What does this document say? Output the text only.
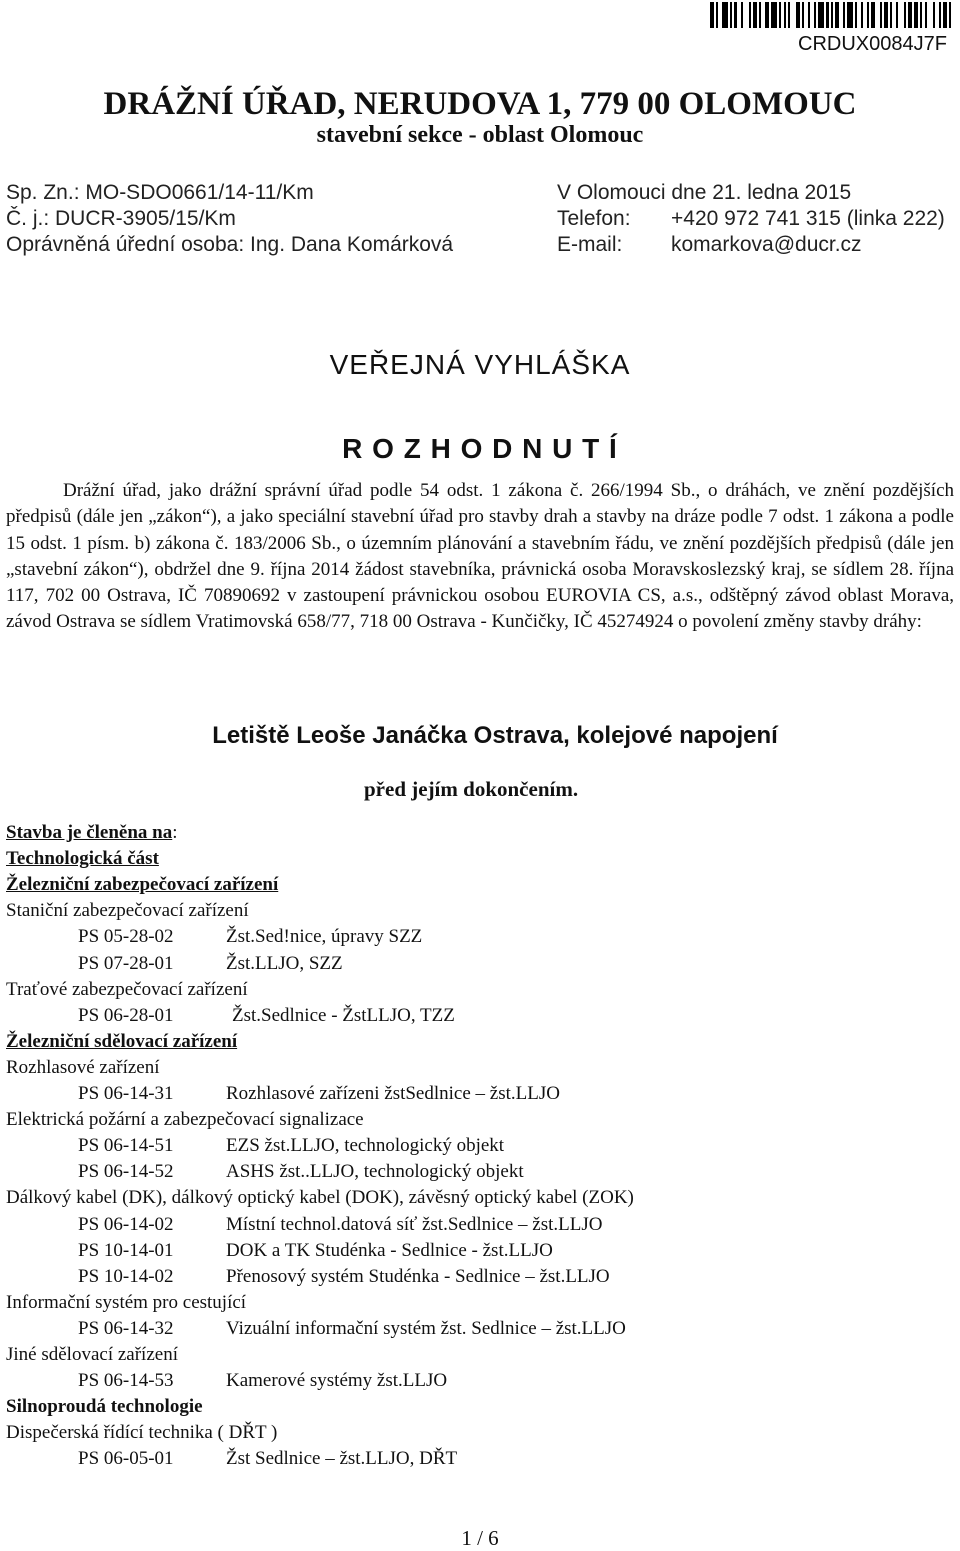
CRDUX0084J7F
DRÁŽNÍ ÚŘAD, NERUDOVA 1, 779 00 OLOMOUC
stavební sekce - oblast Olomouc
Sp. Zn.: MO-SDO0661/14-11/Km
Č. j.: DUCR-3905/15/Km
Oprávněná úřední osoba: Ing. Dana Komárková
V Olomouci dne 21. ledna 2015
Telefon: +420 972 741 315 (linka 222)
E-mail: komarkova@ducr.cz
VEŘEJNÁ VYHLÁŠKA
R O Z H O D N U T Í
Drážní úřad, jako drážní správní úřad podle 54 odst. 1 zákona č. 266/1994 Sb., o dráhách, ve znění pozdějších předpisů (dále jen „zákon“), a jako speciální stavební úřad pro stavby drah a stavby na dráze podle 7 odst. 1 zákona a podle 15 odst. 1 písm. b) zákona č. 183/2006 Sb., o územním plánování a stavebním řádu, ve znění pozdějších předpisů (dále jen „stavební zákon“), obdržel dne 9. října 2014 žádost stavebníka, právnická osoba Moravskoslezský kraj, se sídlem 28. října 117, 702 00 Ostrava, IČ 70890692 v zastoupení právnickou osobou EUROVIA CS, a.s., odštěpný závod oblast Morava, závod Ostrava se sídlem Vratimovská 658/77, 718 00 Ostrava - Kunčičky, IČ 45274924 o povolení změny stavby dráhy:
Letiště Leoše Janáčka Ostrava, kolejové napojení
před jejím dokončením.
Stavba je členěna na:
Technologická část
Železniční zabezpečovací zařízení
Staniční zabezpečovací zařízení
PS 05-28-02	Žst.Sed!nice, úpravy SZZ
PS 07-28-01	Žst.LLJO, SZZ
Traťové zabezpečovací zařízení
PS 06-28-01	Žst.Sedlnice - ŽstLLJO, TZZ
Železniční sdělovací zařízení
Rozhlasové zařízení
PS 06-14-31	Rozhlasové zařízeni žstSedlnice – žst.LLJO
Elektrická požární a zabezpečovací signalizace
PS 06-14-51	EZS žst.LLJO, technologický objekt
PS 06-14-52	ASHS žst..LLJO, technologický objekt
Dálkový kabel (DK), dálkový optický kabel (DOK), závěsný optický kabel (ZOK)
PS 06-14-02	Místní technol.datová síť žst.Sedlnice – žst.LLJO
PS 10-14-01	DOK a TK Studénka - Sedlnice - žst.LLJO
PS 10-14-02	Přenosový systém Studénka - Sedlnice – žst.LLJO
Informační systém pro cestující
PS 06-14-32	Vizuální informační systém žst. Sedlnice – žst.LLJO
Jiné sdělovací zařízení
PS 06-14-53	Kamerové systémy žst.LLJO
Silnoproudá technologie
Dispečerská řídící technika ( DŘT )
PS 06-05-01	Žst Sedlnice – žst.LLJO, DŘT
1 / 6
